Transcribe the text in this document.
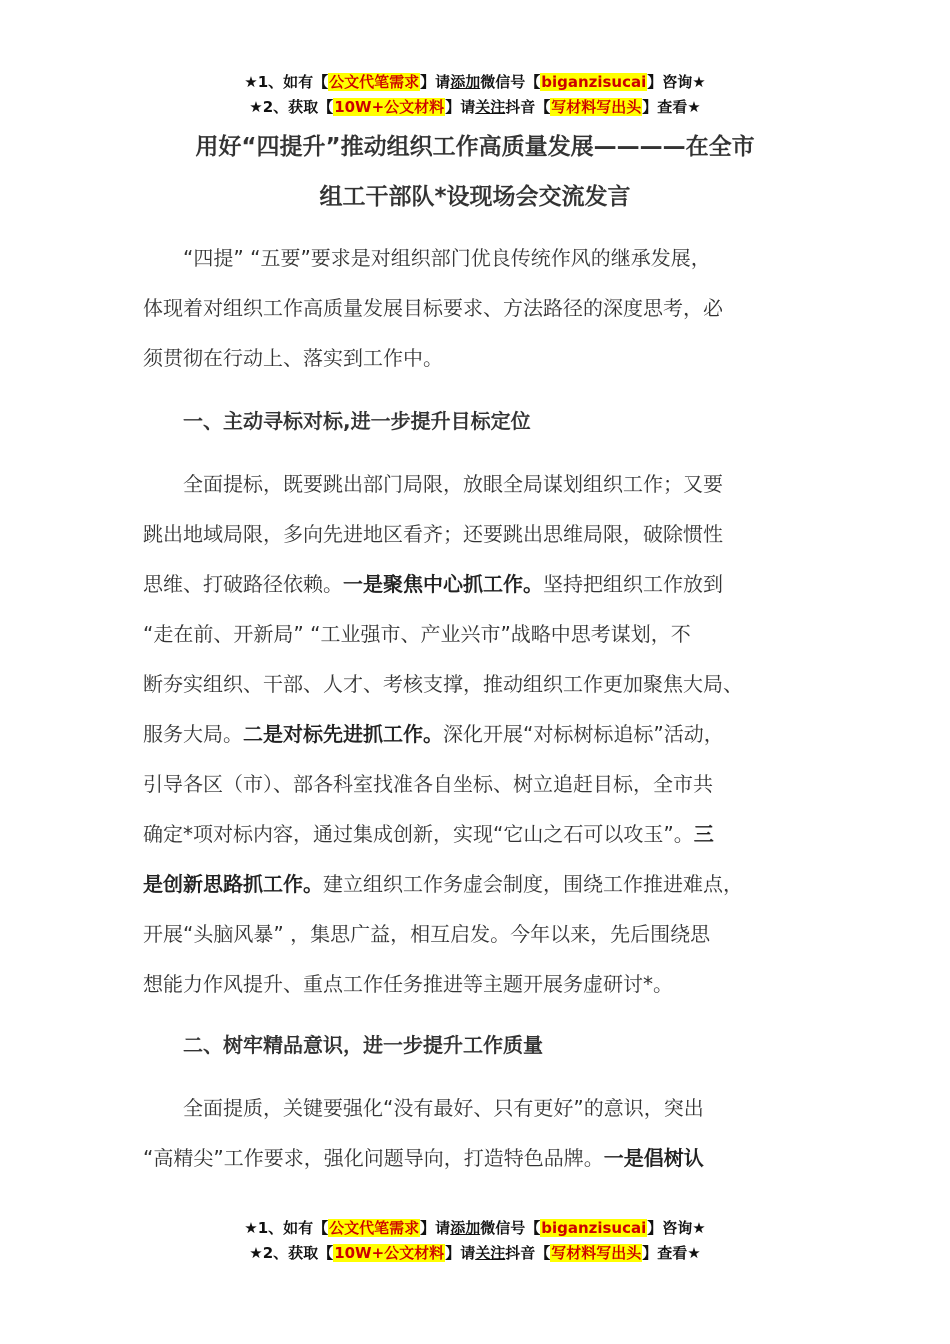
★1、如有【公文代笔需求】请添加微信号【biganzisucai】咨询★
★2、获取【10W+公文材料】请关注抖音【写材料写出头】查看★
用好“四提升”推动组织工作高质量发展————在全市
组工干部队*设现场会交流发言
“四提” “五要”要求是对组织部门优良传统作风的继承发展，
体现着对组织工作高质量发展目标要求、方法路径的深度思考，必
须贯彻在行动上、落实到工作中。
一、主动寻标对标,进一步提升目标定位
全面提标，既要跳出部门局限，放眼全局谋划组织工作；又要
跳出地域局限，多向先进地区看齐；还要跳出思维局限，破除惯性
思维、打破路径依赖。一是聚焦中心抓工作。坚持把组织工作放到
“走在前、开新局” “工业强市、产业兴市”战略中思考谋划，不
断夯实组织、干部、人才、考核支撑，推动组织工作更加聚焦大局、
服务大局。二是对标先进抓工作。深化开展“对标树标追标”活动，
引导各区（市）、部各科室找准各自坐标、树立追赶目标，全市共
确定*项对标内容，通过集成创新，实现“它山之石可以攻玉”。三
是创新思路抓工作。建立组织工作务虚会制度，围绕工作推进难点，
开展“头脑风暴” ，集思广益，相互启发。今年以来，先后围绕思
想能力作风提升、重点工作任务推进等主题开展务虚研讨*。
二、树牢精品意识，进一步提升工作质量
全面提质，关键要强化“没有最好、只有更好”的意识，突出
“高精尖”工作要求，强化问题导向，打造特色品牌。一是倡树认
★1、如有【公文代笔需求】请添加微信号【biganzisucai】咨询★
★2、获取【10W+公文材料】请关注抖音【写材料写出头】查看★
